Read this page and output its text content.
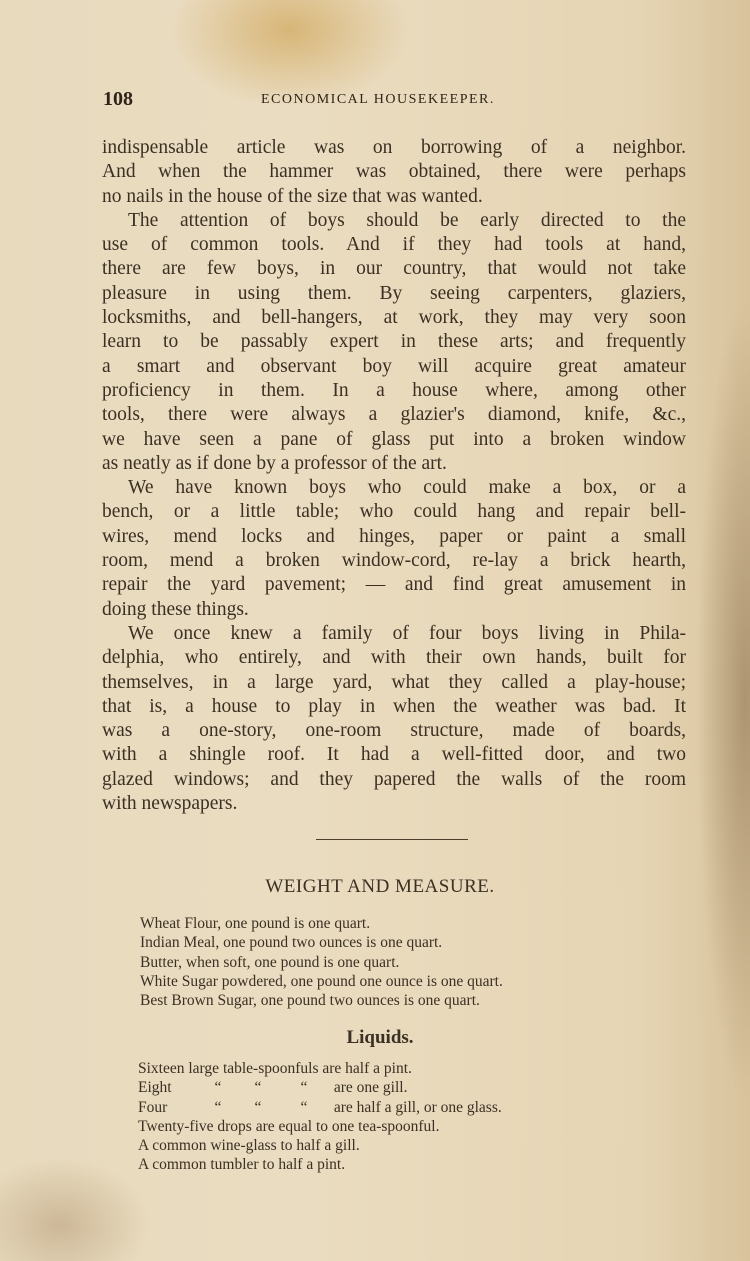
108	ECONOMICAL HOUSEKEEPER.
indispensable article was on borrowing of a neighbor.
And when the hammer was obtained, there were perhaps
no nails in the house of the size that was wanted.
The attention of boys should be early directed to the
use of common tools. And if they had tools at hand,
there are few boys, in our country, that would not take
pleasure in using them. By seeing carpenters, glaziers,
locksmiths, and bell-hangers, at work, they may very soon
learn to be passably expert in these arts; and frequently
a smart and observant boy will acquire great amateur
proficiency in them. In a house where, among other
tools, there were always a glazier's diamond, knife, &c.,
we have seen a pane of glass put into a broken window
as neatly as if done by a professor of the art.
We have known boys who could make a box, or a
bench, or a little table; who could hang and repair bell-
wires, mend locks and hinges, paper or paint a small
room, mend a broken window-cord, re-lay a brick hearth,
repair the yard pavement; — and find great amusement in
doing these things.
We once knew a family of four boys living in Phila-
delphia, who entirely, and with their own hands, built for
themselves, in a large yard, what they called a play-house;
that is, a house to play in when the weather was bad. It
was a one-story, one-room structure, made of boards,
with a shingle roof. It had a well-fitted door, and two
glazed windows; and they papered the walls of the room
with newspapers.
WEIGHT AND MEASURE.
Wheat Flour, one pound is one quart.
Indian Meal, one pound two ounces is one quart.
Butter, when soft, one pound is one quart.
White Sugar powdered, one pound one ounce is one quart.
Best Brown Sugar, one pound two ounces is one quart.
Liquids.
Sixteen large table-spoonfuls are half a pint.
Eight	“ “	“ are one gill.
Four	“ “	“ are half a gill, or one glass.
Twenty-five drops are equal to one tea-spoonful.
A common wine-glass to half a gill.
A common tumbler to half a pint.
